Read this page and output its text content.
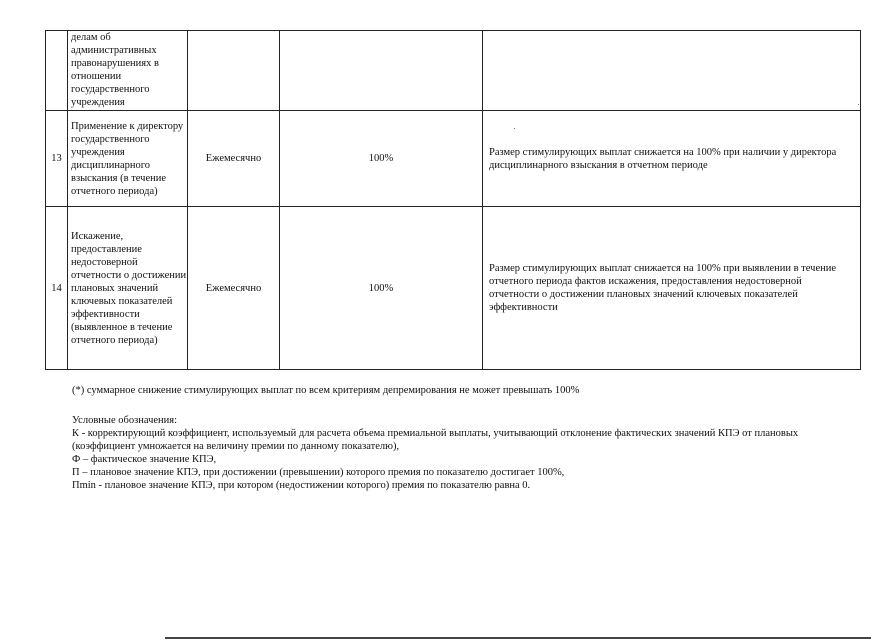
	делам об административных правонарушениях в отношении государственного учреждения			

13	Применение к директору государственного учреждения дисциплинарного взыскания (в течение отчетного периода)	Ежемесячно	100%	Размер стимулирующих выплат снижается на 100% при наличии у директора дисциплинарного взыскания в отчетном периоде
14	Искажение, предоставление недостоверной отчетности о достижении плановых значений ключевых показателей эффективности (выявленное в течение отчетного периода)	Ежемесячно	100%	Размер стимулирующих выплат снижается на 100% при выявлении в течение отчетного периода фактов искажения, предоставления недостоверной отчетности о достижении плановых значений ключевых показателей эффективности
(*) суммарное снижение стимулирующих выплат по всем критериям депремирования не может превышать 100%

Условные обозначения:

К - корректирующий коэффициент, используемый для расчета объема премиальной выплаты, учитывающий отклонение фактических значений КПЭ от плановых (коэффициент умножается на величину премии по данному показателю),

Ф – фактическое значение КПЭ,

П – плановое значение КПЭ, при достижении (превышении) которого премия по показателю достигает 100%,

Пmin - плановое значение КПЭ, при котором (недостижении которого) премия по показателю равна 0.
